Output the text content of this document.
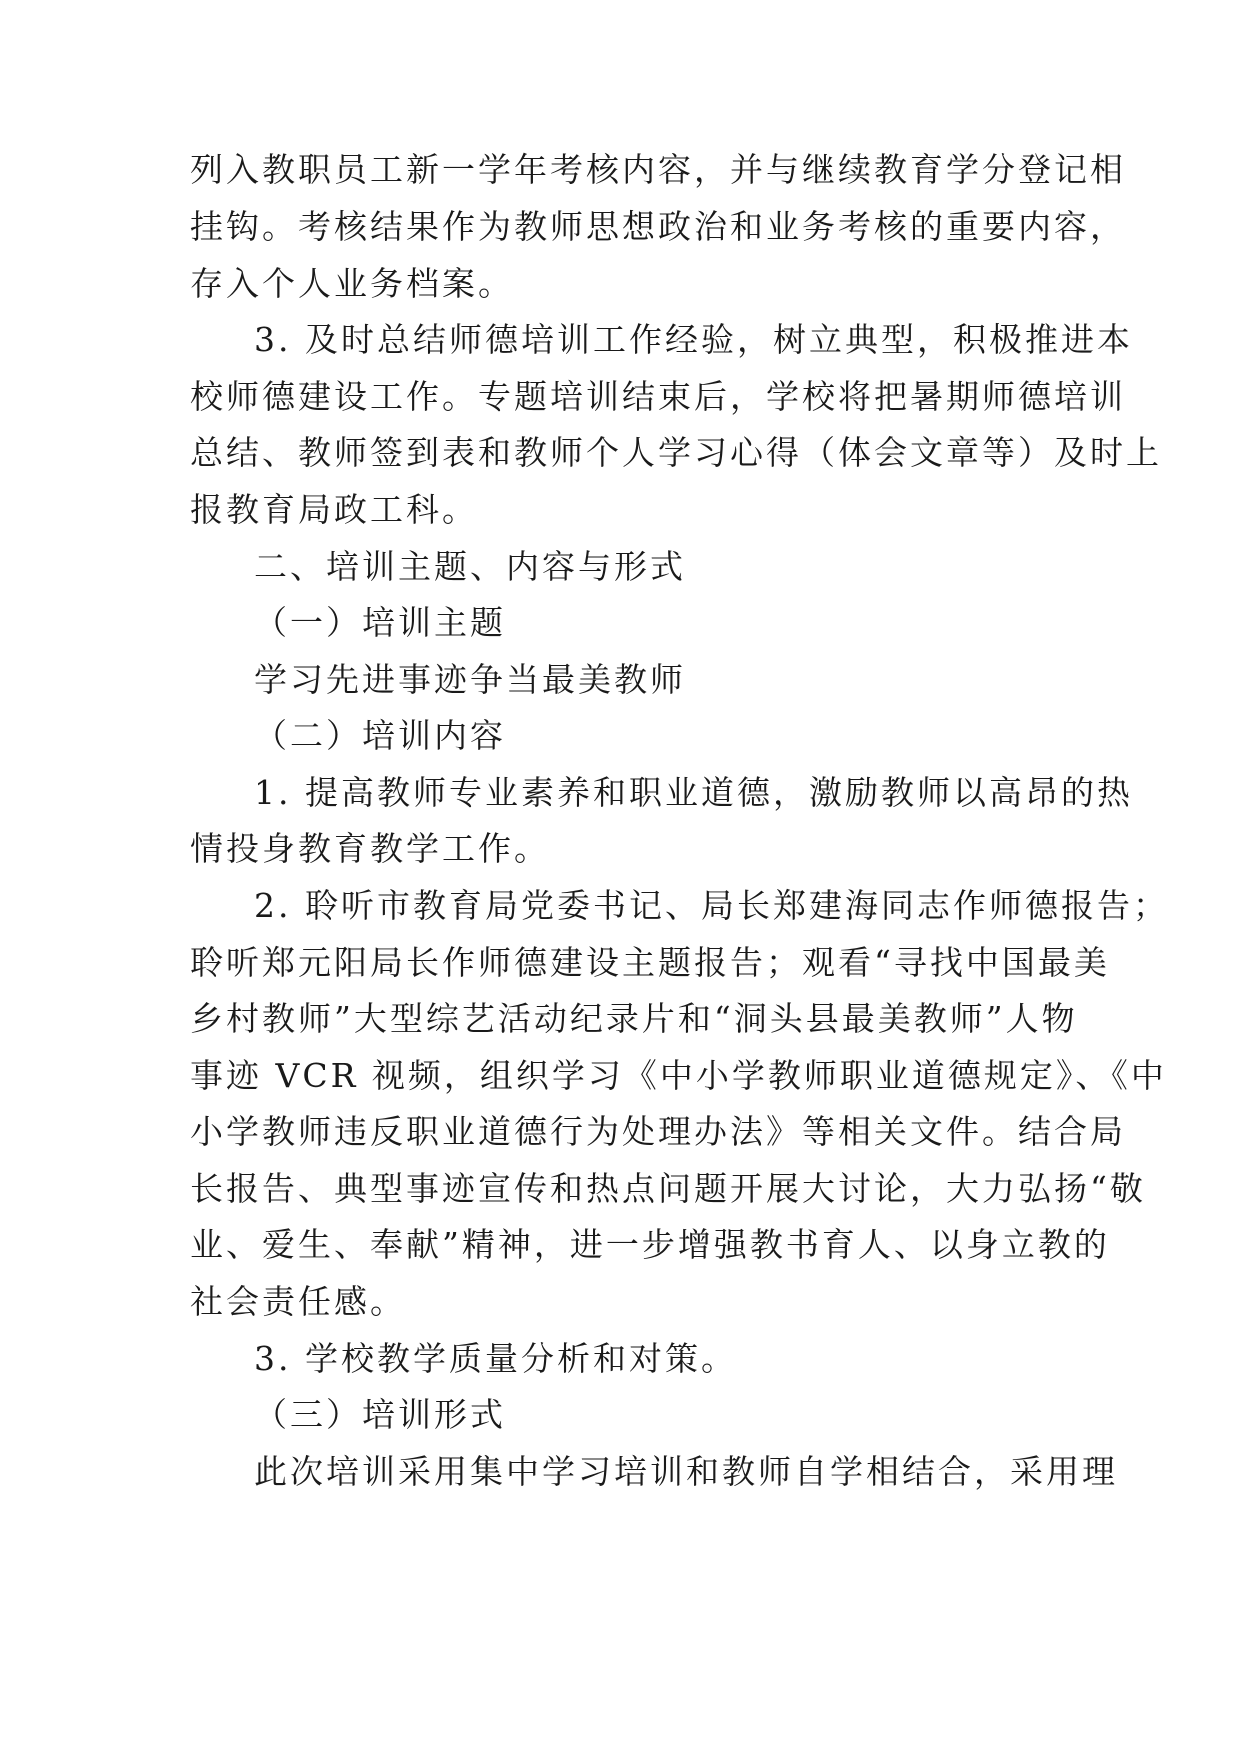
列入教职员工新一学年考核内容，并与继续教育学分登记相
挂钩。考核结果作为教师思想政治和业务考核的重要内容，
存入个人业务档案。
3. 及时总结师德培训工作经验，树立典型，积极推进本
校师德建设工作。专题培训结束后，学校将把暑期师德培训
总结、教师签到表和教师个人学习心得（体会文章等）及时上
报教育局政工科。
二、培训主题、内容与形式
（一）培训主题
学习先进事迹争当最美教师
（二）培训内容
1. 提高教师专业素养和职业道德，激励教师以高昂的热
情投身教育教学工作。
2. 聆听市教育局党委书记、局长郑建海同志作师德报告；
聆听郑元阳局长作师德建设主题报告；观看“寻找中国最美
乡村教师”大型综艺活动纪录片和“洞头县最美教师”人物
事迹 VCR 视频，组织学习《中小学教师职业道德规定》、《中
小学教师违反职业道德行为处理办法》等相关文件。结合局
长报告、典型事迹宣传和热点问题开展大讨论，大力弘扬“敬
业、爱生、奉献”精神，进一步增强教书育人、以身立教的
社会责任感。
3. 学校教学质量分析和对策。
（三）培训形式
此次培训采用集中学习培训和教师自学相结合，采用理
